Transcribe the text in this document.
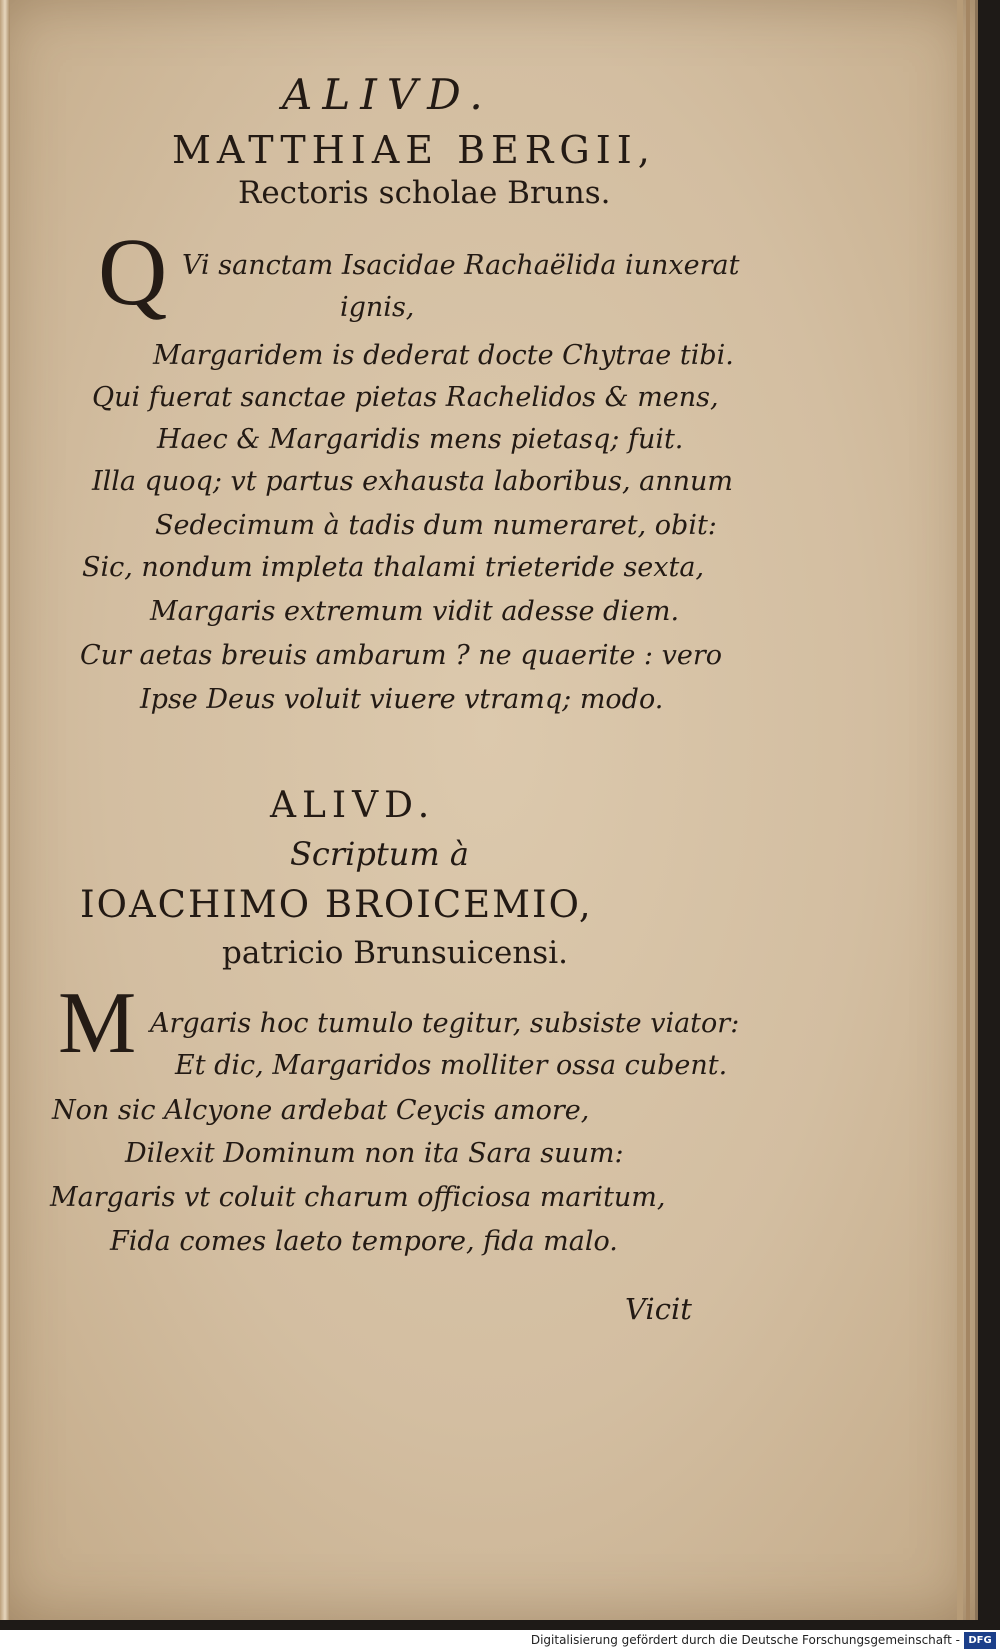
ALIVD.
MATTHIAE BERGII,
Rectoris scholae Bruns.
Q Vi sanctam Isacidae Rachaëlida iunxerat
ignis,
Margaridem is dederat docte Chytrae tibi.
Qui fuerat sanctae pietas Rachelidos & mens,
Haec & Margaridis mens pietasq; fuit.
Illa quoq; vt partus exhausta laboribus, annum
Sedecimum à tadis dum numeraret, obit:
Sic, nondum impleta thalami trieteride sexta,
Margaris extremum vidit adesse diem.
Cur aetas breuis ambarum ? ne quaerite : vero
Ipse Deus voluit viuere vtramq; modo.
ALIVD.
Scriptum à
IOACHIMO BROICEMIO,
patricio Brunsuicensi.
M Argaris hoc tumulo tegitur, subsiste viator:
Et dic, Margaridos molliter ossa cubent.
Non sic Alcyone ardebat Ceycis amore,
Dilexit Dominum non ita Sara suum:
Margaris vt coluit charum officiosa maritum,
Fida comes laeto tempore, fida malo.
Vicit
Digitalisierung gefördert durch die Deutsche Forschungsgemeinschaft - DFG
